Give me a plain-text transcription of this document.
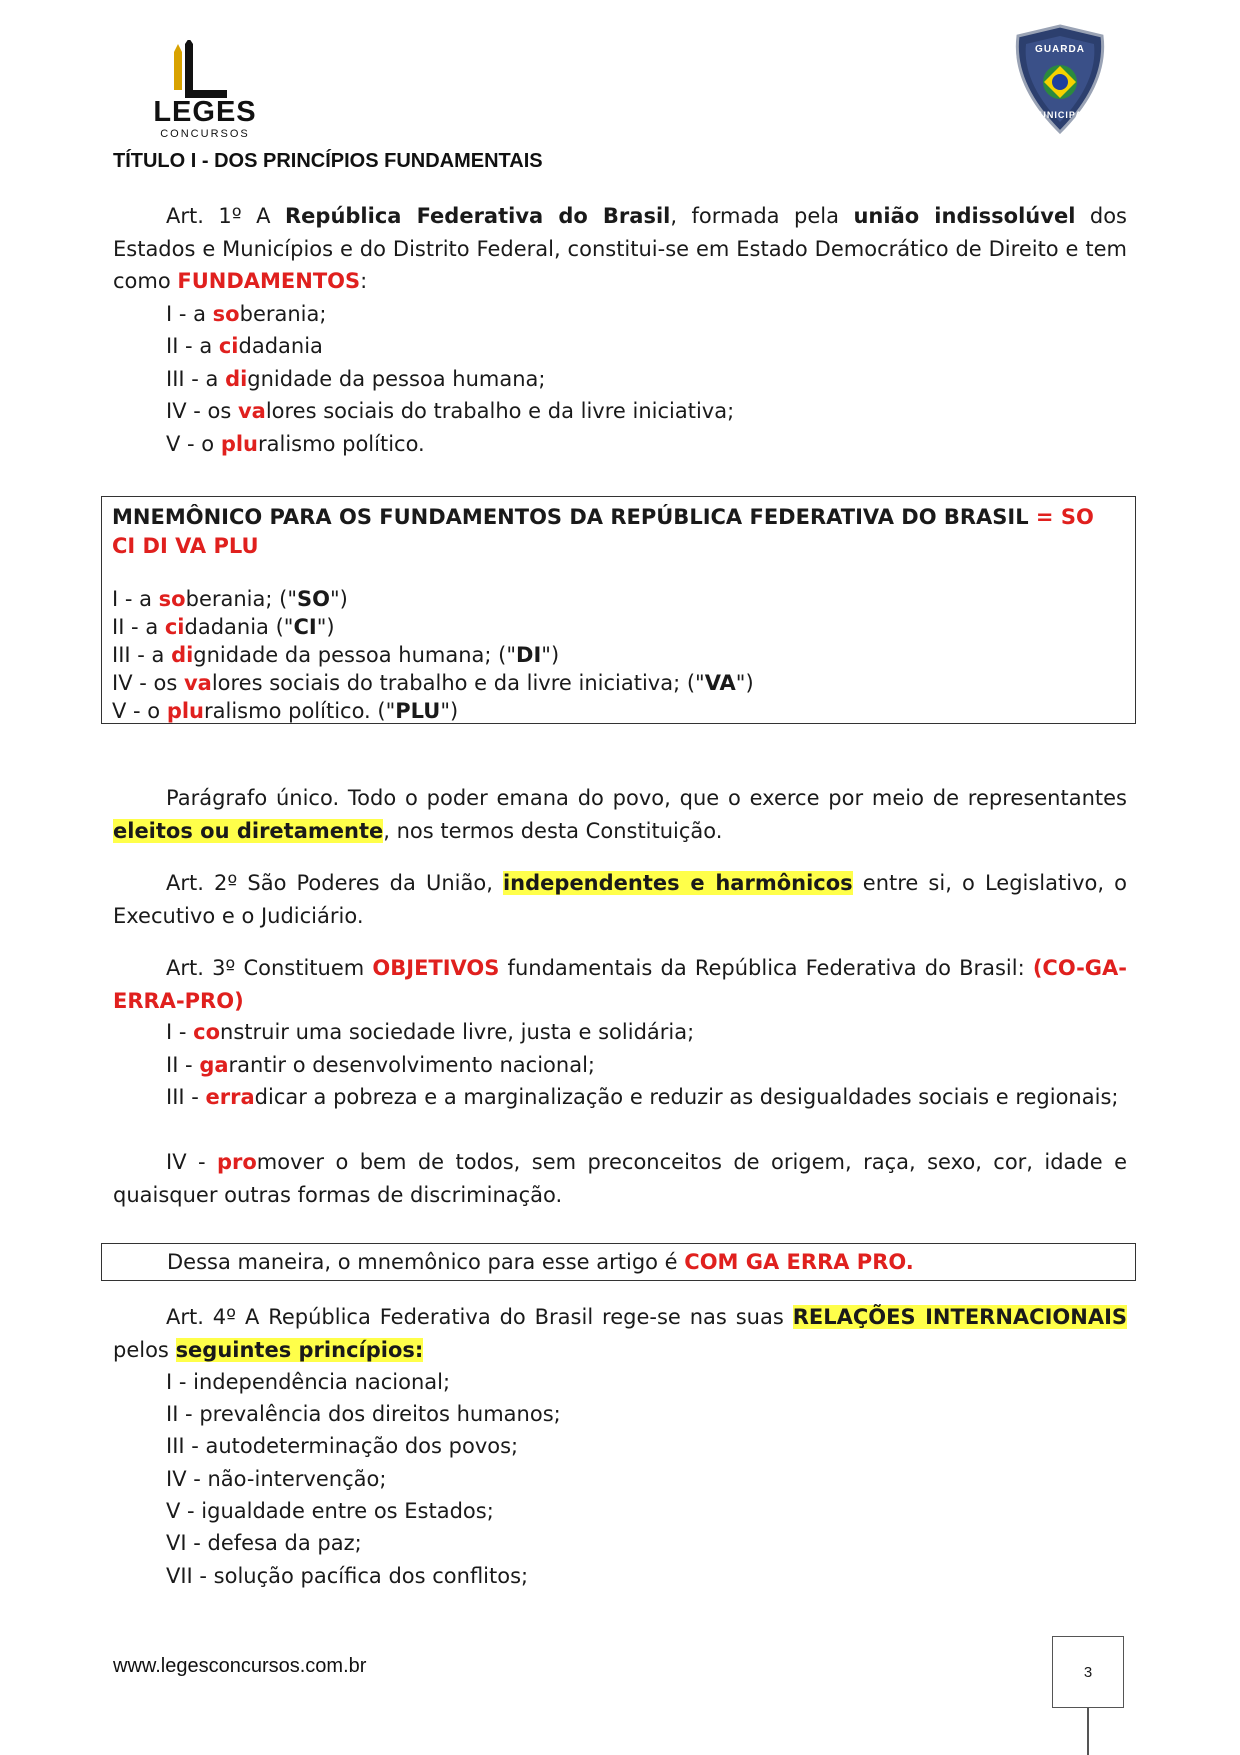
LEGES
CONCURSOS
GUARDA
MUNICIPAL
TÍTULO I - DOS PRINCÍPIOS FUNDAMENTAIS
Art. 1º A República Federativa do Brasil, formada pela união indissolúvel dos Estados e Municípios e do Distrito Federal, constitui-se em Estado Democrático de Direito e tem como FUNDAMENTOS:
I - a soberania;
II - a cidadania
III - a dignidade da pessoa humana;
IV - os valores sociais do trabalho e da livre iniciativa;
V - o pluralismo político.
MNEMÔNICO PARA OS FUNDAMENTOS DA REPÚBLICA FEDERATIVA DO BRASIL = SO CI DI VA PLU
I - a soberania; ("SO")
II - a cidadania ("CI")
III - a dignidade da pessoa humana; ("DI")
IV - os valores sociais do trabalho e da livre iniciativa; ("VA")
V - o pluralismo político. ("PLU")
Parágrafo único. Todo o poder emana do povo, que o exerce por meio de representantes eleitos ou diretamente, nos termos desta Constituição.
Art. 2º São Poderes da União, independentes e harmônicos entre si, o Legislativo, o Executivo e o Judiciário.
Art. 3º Constituem OBJETIVOS fundamentais da República Federativa do Brasil: (CO-GA-ERRA-PRO)
I - construir uma sociedade livre, justa e solidária;
II - garantir o desenvolvimento nacional;
III - erradicar a pobreza e a marginalização e reduzir as desigualdades sociais e regionais;
IV - promover o bem de todos, sem preconceitos de origem, raça, sexo, cor, idade e quaisquer outras formas de discriminação.
Dessa maneira, o mnemônico para esse artigo é COM GA ERRA PRO.
Art. 4º A República Federativa do Brasil rege-se nas suas RELAÇÕES INTERNACIONAIS pelos seguintes princípios:
I - independência nacional;
II - prevalência dos direitos humanos;
III - autodeterminação dos povos;
IV - não-intervenção;
V - igualdade entre os Estados;
VI - defesa da paz;
VII - solução pacífica dos conflitos;
www.legesconcursos.com.br	3
